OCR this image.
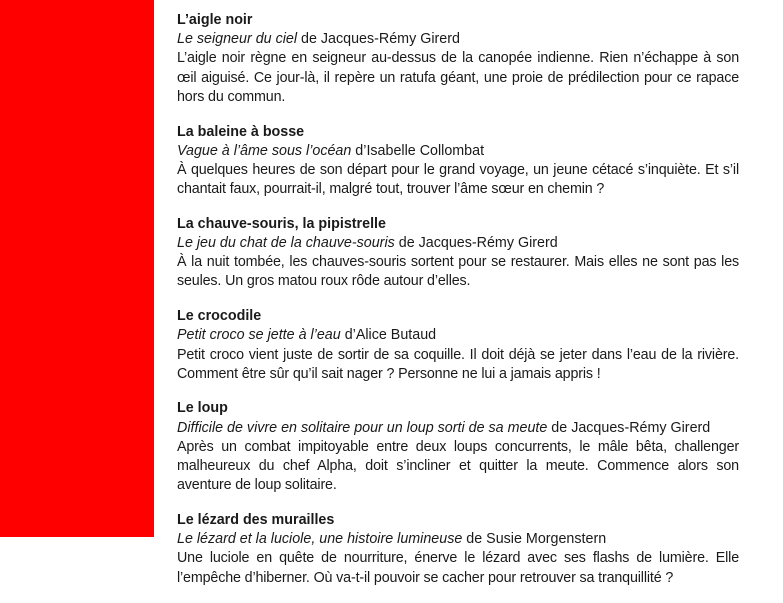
L’aigle noir

Le seigneur du ciel de Jacques-Rémy Girerd

L’aigle noir règne en seigneur au-dessus de la canopée indienne. Rien n’échappe à son œil aiguisé. Ce jour-là, il repère un ratufa géant, une proie de prédilection pour ce rapace hors du commun.

La baleine à bosse

Vague à l’âme sous l’océan d’Isabelle Collombat

À quelques heures de son départ pour le grand voyage, un jeune cétacé s’inquiète. Et s’il chantait faux, pourrait-il, malgré tout, trouver l’âme sœur en chemin ?

La chauve-souris, la pipistrelle

Le jeu du chat de la chauve-souris de Jacques-Rémy Girerd

À la nuit tombée, les chauves-souris sortent pour se restaurer. Mais elles ne sont pas les seules. Un gros matou roux rôde autour d’elles.

Le crocodile

Petit croco se jette à l’eau d’Alice Butaud

Petit croco vient juste de sortir de sa coquille. Il doit déjà se jeter dans l’eau de la rivière. Comment être sûr qu’il sait nager ? Personne ne lui a jamais appris !

Le loup

Difficile de vivre en solitaire pour un loup sorti de sa meute de Jacques-Rémy Girerd

Après un combat impitoyable entre deux loups concurrents, le mâle bêta, challenger malheureux du chef Alpha, doit s’incliner et quitter la meute. Commence alors son aventure de loup solitaire.

Le lézard des murailles

Le lézard et la luciole, une histoire lumineuse de Susie Morgenstern

Une luciole en quête de nourriture, énerve le lézard avec ses flashs de lumière. Elle l’empêche d’hiberner. Où va-t-il pouvoir se cacher pour retrouver sa tranquillité ?
